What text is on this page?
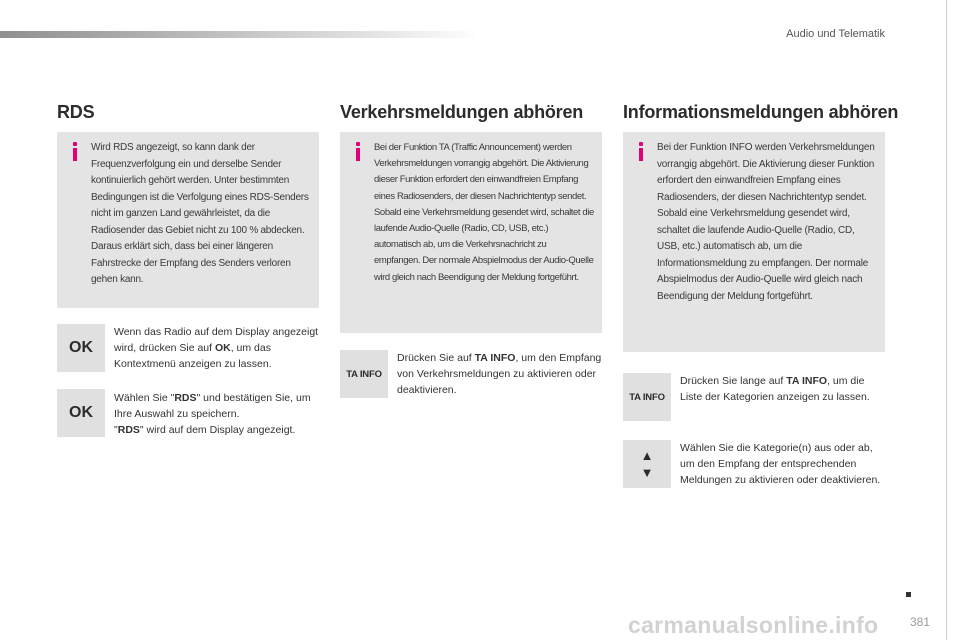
Audio und Telematik
RDS

Wird RDS angezeigt, so kann dank der Frequenzverfolgung ein und derselbe Sender kontinuierlich gehört werden. Unter bestimmten Bedingungen ist die Verfolgung eines RDS-Senders nicht im ganzen Land gewährleistet, da die Radiosender das Gebiet nicht zu 100 % abdecken. Daraus erklärt sich, dass bei einer längeren Fahrstrecke der Empfang des Senders verloren gehen kann.

OK

Wenn das Radio auf dem Display angezeigt wird, drücken Sie auf OK, um das Kontextmenü anzeigen zu lassen.

OK

Wählen Sie "RDS" und bestätigen Sie, um Ihre Auswahl zu speichern.
"RDS" wird auf dem Display angezeigt.

Verkehrsmeldungen abhören

Bei der Funktion TA (Traffic Announcement) werden Verkehrsmeldungen vorrangig abgehört. Die Aktivierung dieser Funktion erfordert den einwandfreien Empfang eines Radiosenders, der diesen Nachrichtentyp sendet. Sobald eine Verkehrsmeldung gesendet wird, schaltet die laufende Audio-Quelle (Radio, CD, USB, etc.) automatisch ab, um die Verkehrsnachricht zu empfangen. Der normale Abspielmodus der Audio-Quelle wird gleich nach Beendigung der Meldung fortgeführt.

TA INFO

Drücken Sie auf TA INFO, um den Empfang von Verkehrsmeldungen zu aktivieren oder deaktivieren.

Informationsmeldungen abhören

Bei der Funktion INFO werden Verkehrsmeldungen vorrangig abgehört. Die Aktivierung dieser Funktion erfordert den einwandfreien Empfang eines Radiosenders, der diesen Nachrichtentyp sendet. Sobald eine Verkehrsmeldung gesendet wird, schaltet die laufende Audio-Quelle (Radio, CD, USB, etc.) automatisch ab, um die Informationsmeldung zu empfangen. Der normale Abspielmodus der Audio-Quelle wird gleich nach Beendigung der Meldung fortgeführt.

TA INFO

Drücken Sie lange auf TA INFO, um die Liste der Kategorien anzeigen zu lassen.

▲
▼

Wählen Sie die Kategorie(n) aus oder ab, um den Empfang der entsprechenden Meldungen zu aktivieren oder deaktivieren.

381
carmanualsonline.info
